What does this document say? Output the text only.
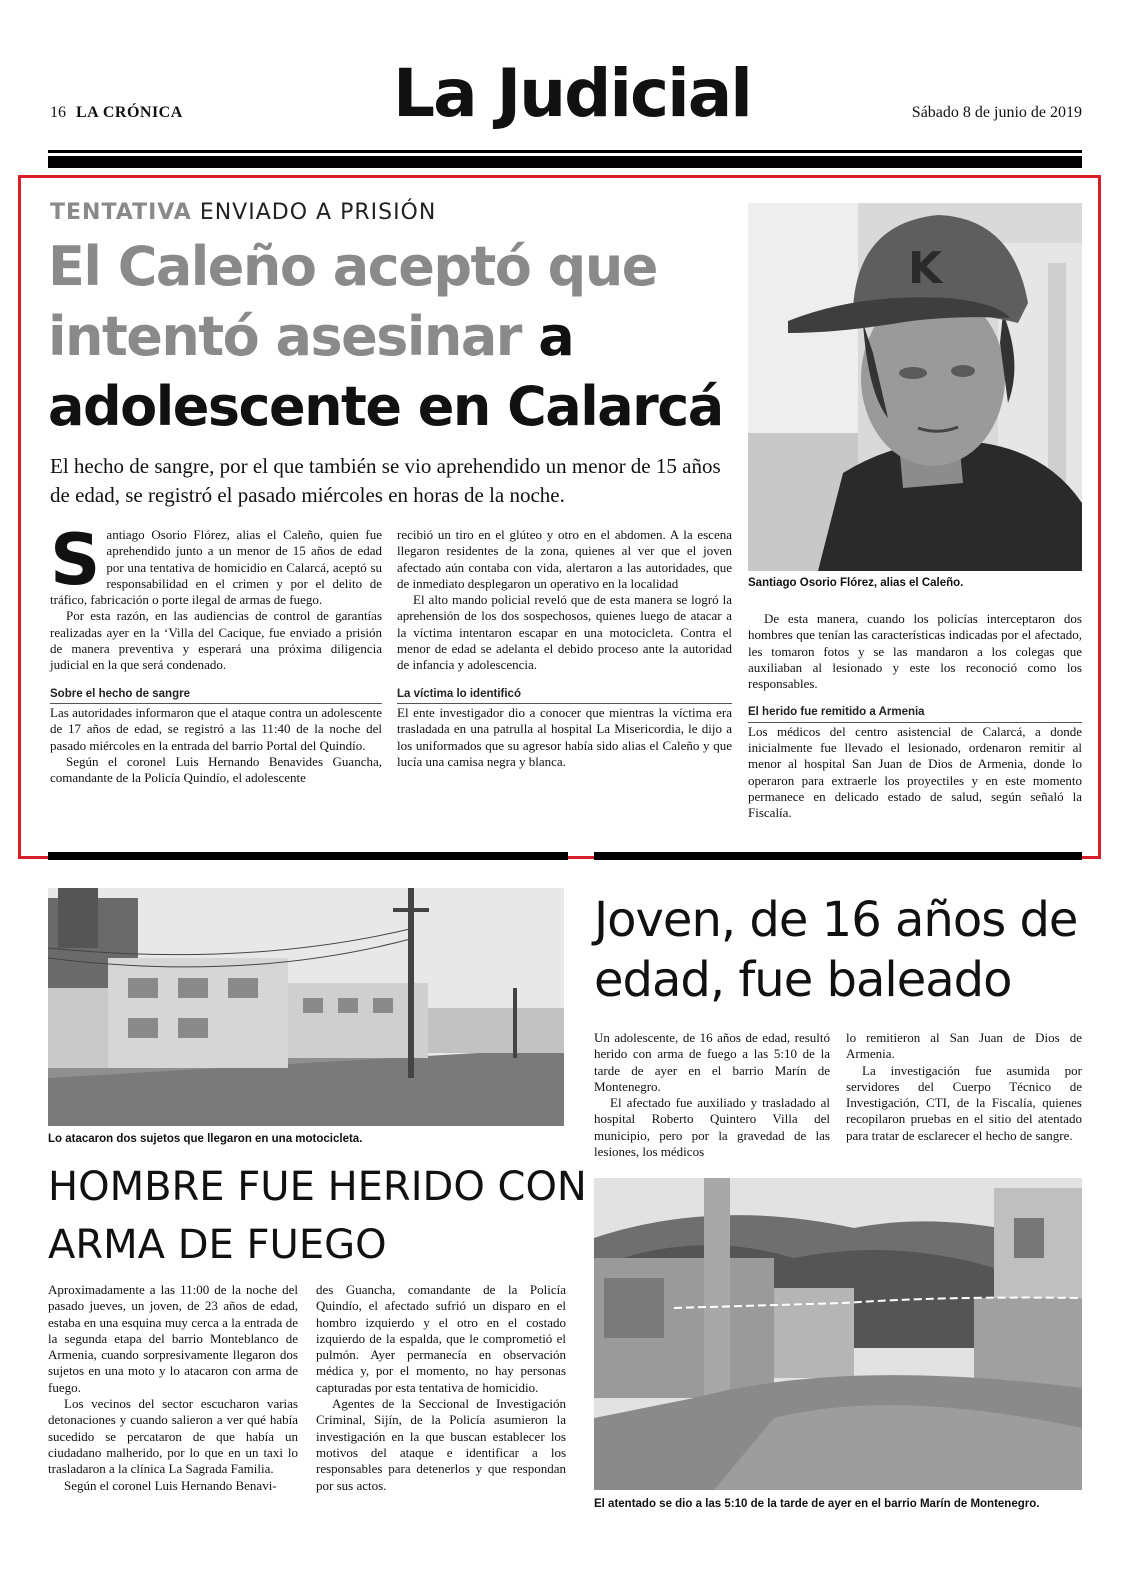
16 LA CRÓNICA	La Judicial	Sábado 8 de junio de 2019
TENTATIVA ENVIADO A PRISIÓN
El Caleño aceptó que intentó asesinar a adolescente en Calarcá
El hecho de sangre, por el que también se vio aprehendido un menor de 15 años de edad, se registró el pasado miércoles en horas de la noche.
K
Santiago Osorio Flórez, alias el Caleño.
S antiago Osorio Flórez, alias el Caleño, quien fue aprehendido junto a un menor de 15 años de edad por una tentativa de homicidio en Calarcá, aceptó su responsabilidad en el crimen y por el delito de tráfico, fabricación o porte ilegal de armas de fuego.

Por esta razón, en las audiencias de control de garantías realizadas ayer en la ‘Villa del Cacique, fue enviado a prisión de manera preventiva y esperará una próxima diligencia judicial en la que será condenado.

Sobre el hecho de sangre

Las autoridades informaron que el ataque contra un adolescente de 17 años de edad, se registró a las 11:40 de la noche del pasado miércoles en la entrada del barrio Portal del Quindío.

Según el coronel Luis Hernando Benavides Guancha, comandante de la Policía Quindío, el adolescente

recibió un tiro en el glúteo y otro en el abdomen. A la escena llegaron residentes de la zona, quienes al ver que el joven afectado aún contaba con vida, alertaron a las autoridades, que de inmediato desplegaron un operativo en la localidad

El alto mando policial reveló que de esta manera se logró la aprehensión de los dos sospechosos, quienes luego de atacar a la víctima intentaron escapar en una motocicleta. Contra el menor de edad se adelanta el debido proceso ante la autoridad de infancia y adolescencia.

La víctima lo identificó

El ente investigador dio a conocer que mientras la víctima era trasladada en una patrulla al hospital La Misericordia, le dijo a los uniformados que su agresor había sido alias el Caleño y que lucía una camisa negra y blanca.

De esta manera, cuando los policías interceptaron dos hombres que tenían las características indicadas por el afectado, les tomaron fotos y se las mandaron a los colegas que auxiliaban al lesionado y este los reconoció como los responsables.

El herido fue remitido a Armenia

Los médicos del centro asistencial de Calarcá, a donde inicialmente fue llevado el lesionado, ordenaron remitir al menor al hospital San Juan de Dios de Armenia, donde lo operaron para extraerle los proyectiles y en este momento permanece en delicado estado de salud, según señaló la Fiscalía.

Lo atacaron dos sujetos que llegaron en una motocicleta.
HOMBRE FUE HERIDO CON ARMA DE FUEGO

Aproximadamente a las 11:00 de la noche del pasado jueves, un joven, de 23 años de edad, estaba en una esquina muy cerca a la entrada de la segunda etapa del barrio Monteblanco de Armenia, cuando sorpresivamente llegaron dos sujetos en una moto y lo atacaron con arma de fuego.

Los vecinos del sector escucharon varias detonaciones y cuando salieron a ver qué había sucedido se percataron de que había un ciudadano malherido, por lo que en un taxi lo trasladaron a la clínica La Sagrada Familia.

Según el coronel Luis Hernando Benavi-

des Guancha, comandante de la Policía Quindío, el afectado sufrió un disparo en el hombro izquierdo y el otro en el costado izquierdo de la espalda, que le comprometió el pulmón. Ayer permanecía en observación médica y, por el momento, no hay personas capturadas por esta tentativa de homicidio.

Agentes de la Seccional de Investigación Criminal, Sijín, de la Policía asumieron la investigación en la que buscan establecer los motivos del ataque e identificar a los responsables para detenerlos y que respondan por sus actos.

Joven, de 16 años de edad, fue baleado

Un adolescente, de 16 años de edad, resultó herido con arma de fuego a las 5:10 de la tarde de ayer en el barrio Marín de Montenegro.

El afectado fue auxiliado y trasladado al hospital Roberto Quintero Villa del municipio, pero por la gravedad de las lesiones, los médicos

lo remitieron al San Juan de Dios de Armenia.

La investigación fue asumida por servidores del Cuerpo Técnico de Investigación, CTI, de la Fiscalía, quienes recopilaron pruebas en el sitio del atentado para tratar de esclarecer el hecho de sangre.

El atentado se dio a las 5:10 de la tarde de ayer en el barrio Marín de Montenegro.
